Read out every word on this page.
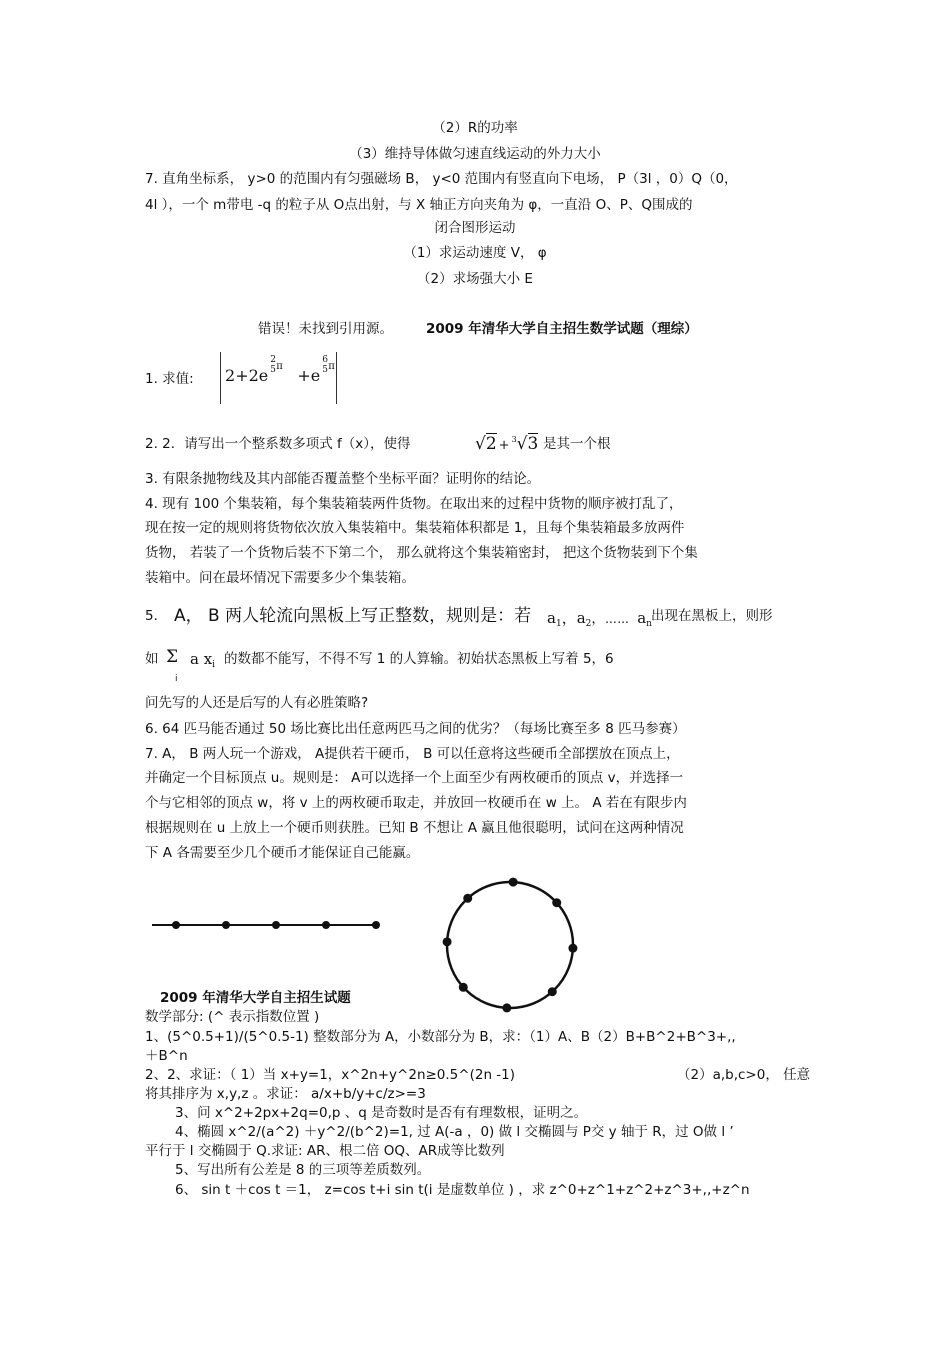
（2）R的功率
（3）维持导体做匀速直线运动的外力大小
7. 直角坐标系， y>0 的范围内有匀强磁场 B， y<0 范围内有竖直向下电场， P（3l ，0）Q（0，
4l ），一个 m带电 -q 的粒子从 O点出射，与 X 轴正方向夹角为 φ，一直沿 O、P、Q围成的
闭合图形运动
（1）求运动速度 V， φ
（2）求场强大小 E
错误！未找到引用源。 2009 年清华大学自主招生数学试题（理综）
1. 求值: 2+2e
2
5 π +e
6
5 π
2. 2．请写出一个整系数多项式 f（x），使得	√2 + $^3$√3 是其一个根
3. 有限条抛物线及其内部能否覆盖整个坐标平面？证明你的结论。
4. 现有 100 个集装箱，每个集装箱装两件货物。在取出来的过程中货物的顺序被打乱了，
现在按一定的规则将货物依次放入集装箱中。集装箱体积都是 1，且每个集装箱最多放两件
货物， 若装了一个货物后装不下第二个， 那么就将这个集装箱密封， 把这个货物装到下个集
装箱中。问在最坏情况下需要多少个集装箱。
5. A， B 两人轮流向黑板上写正整数，规则是：若 $a_1$，$a_2$，⋯⋯ $a_n$ 出现在黑板上，则形
如 Σ
i
a $x_i$ 的数都不能写，不得不写 1 的人算输。初始状态黑板上写着 5，6
问先写的人还是后写的人有必胜策略?
6. 64 匹马能否通过 50 场比赛比出任意两匹马之间的优劣？（每场比赛至多 8 匹马参赛）
7. A， B 两人玩一个游戏， A提供若干硬币， B 可以任意将这些硬币全部摆放在顶点上，
并确定一个目标顶点 u。规则是： A可以选择一个上面至少有两枚硬币的顶点 v，并选择一
个与它相邻的顶点 w，将 v 上的两枚硬币取走，并放回一枚硬币在 w 上。 A 若在有限步内
根据规则在 u 上放上一个硬币则获胜。已知 B 不想让 A 赢且他很聪明，试问在这两种情况
下 A 各需要至少几个硬币才能保证自己能赢。
2009 年清华大学自主招生试题
数学部分: (^ 表示指数位置 )
1、(5^0.5+1)/(5^0.5-1) 整数部分为 A，小数部分为 B，求：（1）A、B（2）B+B^2+B^3+,,
＋B^n
2、2、求证：（ 1）当 x+y=1，x^2n+y^2n≥0.5^(2n -1)	（2）a,b,c>0， 任意
将其排序为 x,y,z 。求证： a/x+b/y+c/z>=3
3、问 x^2+2px+2q=0,p 、q 是奇数时是否有有理数根，证明之。
4、椭圆 x^2/(a^2) ＋y^2/(b^2)=1, 过 A(-a ，0) 做 l 交椭圆与 P交 y 轴于 R，过 O做 l ’
平行于 l 交椭圆于 Q.求证: AR、根二倍 OQ、AR成等比数列
5、写出所有公差是 8 的三项等差质数列。
6、 sin t ＋cos t ＝1， z=cos t+i sin t(i 是虚数单位 ) ，求 z^0+z^1+z^2+z^3+,,+z^n
